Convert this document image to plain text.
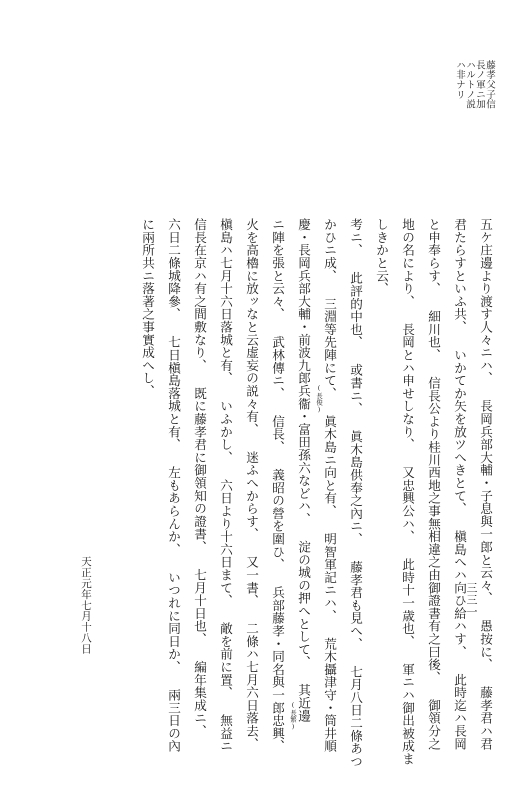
藤孝父子信
長ノ軍ニ加
ハルトノ説
ハ非ナリ
五ケ庄邊より渡す人々ニハ、 長岡兵部大輔・子息與一郎と云々、 愚按に、 藤孝君ハ君
君たらすといふ共、 いかてか矢を放ツへきとて、 槇島へハ向ひ給ハす、 此時迄ハ長岡
と申奉らす、 細川也、 信長公より桂川西地之事無相違之由御證書有之曰後、 御領分之
地の名により、 長岡とハ申せしなり、 又忠興公ハ、 此時十一歳也、 軍ニハ御出被成ま
しきかと云、
考ニ、 此評的中也、 或書ニ、 眞木島供奉之內ニ、 藤孝君も見へ、 七月八日二條あつ
かひニ成、 三淵等先陣にて、 眞木島ニ向と有、 明智軍記ニハ、 荒木攝津守・筒井順
慶・長岡兵部大輔・前波九郎
(長俊)
兵衞・富田孫六などハ、 淀の城の押へとして、 其近邊
ニ陣を張と云々、 武林傳ニ、 信長、 義昭の營を圍ひ、 兵部藤孝・同名與一
(長繁)
郎忠興、
火を高櫓に放ッなと云虚妄の説々有、 迷ふへからす、 又一書、 二條ハ七月六日落去、
槇島ハ七月十六日落城と有、 いふかし、 六日より十六日まて、 敵を前に置、 無益ニ
信長在京ハ有之間敷なり、 既に藤孝君に御領知の證書、 七月十日也、 編年集成ニ、
六日二條城降參、 七日槇島落城と有、 左もあらんか、 いつれに同日か、 兩三日の內
に兩所共ニ落著之事實成へし、
天正元年七月十八日	三三一
